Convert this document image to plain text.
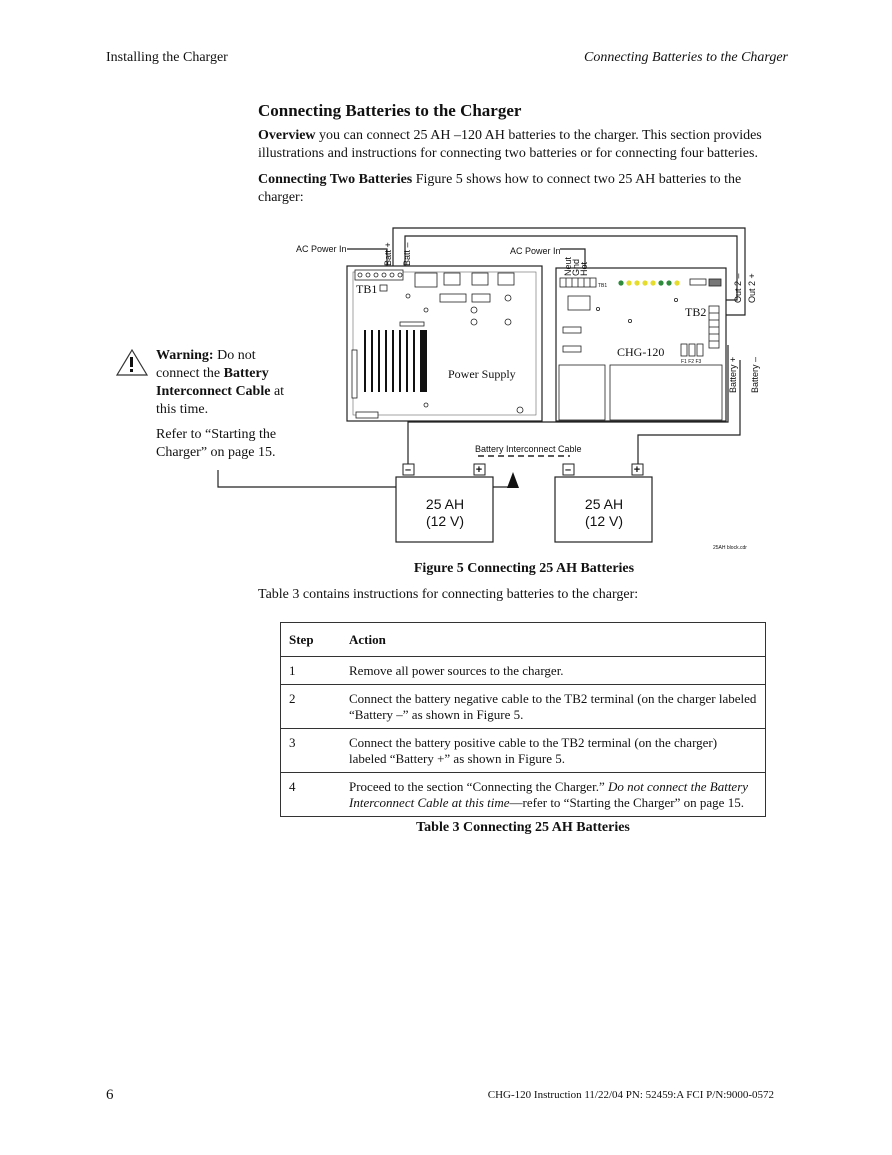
Installing the Charger	Connecting Batteries to the Charger
Connecting Batteries to the Charger
Overview you can connect 25 AH –120 AH batteries to the charger. This section provides illustrations and instructions for connecting two batteries or for connecting four batteries.
Connecting Two Batteries Figure 5 shows how to connect two 25 AH batteries to the charger:
AC Power In	AC Power In
Batt + Batt –
Neut
Gnd
Hot
Out 2 – Out 2 +
Battery + Battery –
Battery Interconnect Cable
TB1
F1 F2 F3
25AH block.cdr
TB1
TB2
Power Supply
CHG-120
–	+	–	+
25 AH
(12 V)
25 AH
(12 V)
Warning: Do not connect the Battery Interconnect Cable at this time.
Refer to “Starting the Charger” on page 15.
Figure 5 Connecting 25 AH Batteries
Table 3 contains instructions for connecting batteries to the charger:
Step	Action
1	Remove all power sources to the charger.
2	Connect the battery negative cable to the TB2 terminal (on the charger labeled “Battery –” as shown in Figure 5.
3	Connect the battery positive cable to the TB2 terminal (on the charger) labeled “Battery +” as shown in Figure 5.
4	Proceed to the section “Connecting the Charger.” Do not connect the Battery Interconnect Cable at this time—refer to “Starting the Charger” on page 15.
Table 3 Connecting 25 AH Batteries
6	CHG-120 Instruction 11/22/04 PN: 52459:A FCI P/N:9000-0572
